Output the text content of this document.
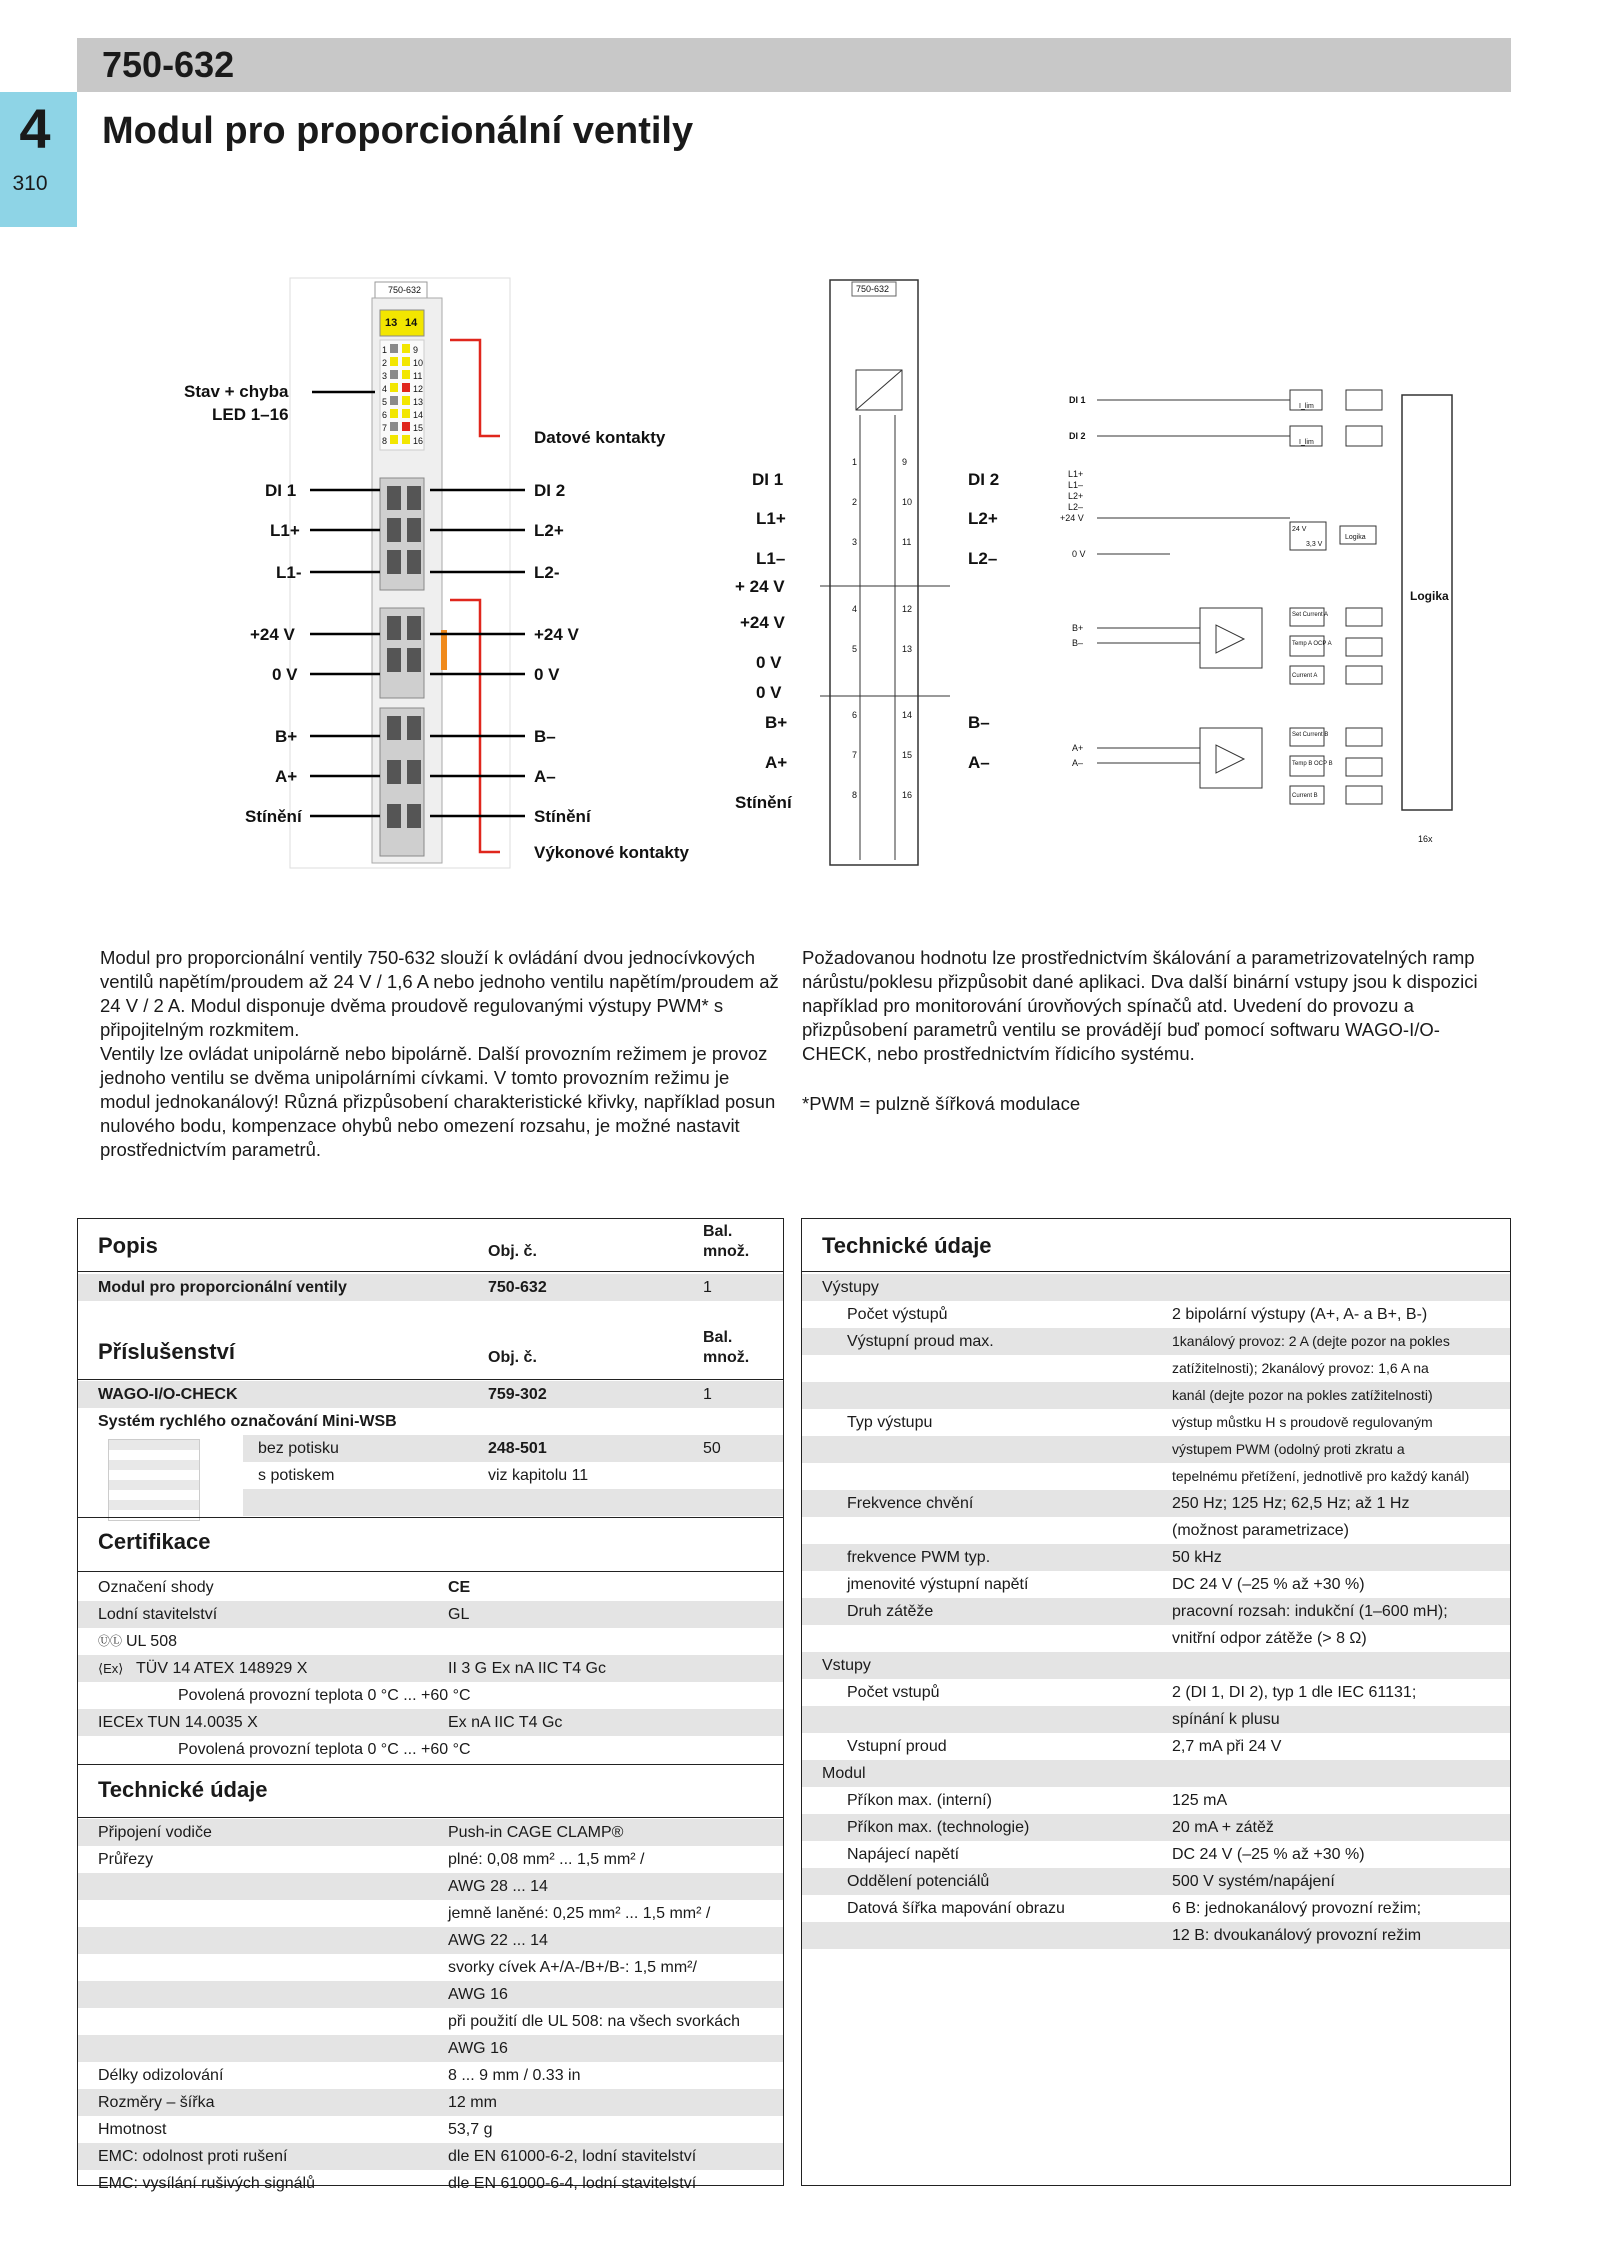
750-632
4
310
Modul pro proporcionální ventily
750-632
13 14
1	9
2	10
3	11
4	12
5	13
6	14
7	15
8	16
Stav + chyba
LED 1–16
DI 1
L1+
L1-
+24 V
0 V
B+
A+
Stínění
Datové kontakty
DI 2
L2+
L2-
+24 V
0 V
B–
A–
Stínění
Výkonové kontakty
750-632
DI 1
L1+
L1–
+ 24 V
+24 V
0 V
0 V
B+
A+
Stínění
DI 2
L2+
L2–
B–
A–
1	9
2	10
3	11
4	12
5	13
6	14
7	15
8	16
Logika
DI 1
DI 2
I_lim
I_lim
L1+
L1–
L2+
L2–
+24 V
0 V
24 V
3,3 V
Logika
B+
B–
A+
A–
Set Current A
Temp A OCP A
Current A
Set Current B
Temp B OCP B
Current B
16x

Modul pro proporcionální ventily 750-632 slouží k ovládání dvou jednocívkových ventilů napětím/proudem až 24 V / 1,6 A nebo jednoho ventilu napětím/proudem až 24 V / 2 A. Modul disponuje dvěma proudově regulovanými výstupy PWM* s připojitelným rozkmitem.

Ventily lze ovládat unipolárně nebo bipolárně. Další provozním režimem je provoz jednoho ventilu se dvěma unipolárními cívkami. V tomto provozním režimu je modul jednokanálový! Různá přizpůsobení charakteristické křivky, například posun nulového bodu, kompenzace ohybů nebo omezení rozsahu, je možné nastavit prostřednictvím parametrů.

Požadovanou hodnotu lze prostřednictvím škálování a parametrizovatelných ramp nárůstu/poklesu přizpůsobit dané aplikaci. Dva další binární vstupy jsou k dispozici například pro monitorování úrovňových spínačů atd. Uvedení do provozu a přizpůsobení parametrů ventilu se provádějí buď pomocí softwaru WAGO-I/O-CHECK, nebo prostřednictvím řídicího systému.

*PWM = pulzně šířková modulace

Popis	Obj. č.
Bal.
množ.
Modul pro proporcionální ventily	750-632	1
Příslušenství	Obj. č.
Bal.
množ.
WAGO-I/O-CHECK	759-302	1
Systém rychlého označování Mini-WSB
bez potisku	248-501	50
s potiskem	viz kapitolu 11
Certifikace
Označení shody	CE
Lodní stavitelství	GL
ⓊⓁ UL 508
⟨Ex⟩ TÜV 14 ATEX 148929 X	II 3 G Ex nA IIC T4 Gc
Povolená provozní teplota 0 °C ... +60 °C
IECEx TUN 14.0035 X	Ex nA IIC T4 Gc
Povolená provozní teplota 0 °C ... +60 °C
Technické údaje
Připojení vodiče	Push-in CAGE CLAMP®
Průřezy	plné: 0,08 mm² ... 1,5 mm² /
AWG 28 ... 14
jemně laněné: 0,25 mm² ... 1,5 mm² /
AWG 22 ... 14
svorky cívek A+/A-/B+/B-: 1,5 mm²/
AWG 16
při použití dle UL 508: na všech svorkách
AWG 16
Délky odizolování	8 ... 9 mm / 0.33 in
Rozměry – šířka	12 mm
Hmotnost	53,7 g
EMC: odolnost proti rušení	dle EN 61000-6-2, lodní stavitelství
EMC: vysílání rušivých signálů	dle EN 61000-6-4, lodní stavitelství
Technické údaje
Výstupy
Počet výstupů	2 bipolární výstupy (A+, A- a B+, B-)
Výstupní proud max.	1kanálový provoz: 2 A (dejte pozor na pokles
zatížitelnosti); 2kanálový provoz: 1,6 A na
kanál (dejte pozor na pokles zatížitelnosti)
Typ výstupu	výstup můstku H s proudově regulovaným
výstupem PWM (odolný proti zkratu a
tepelnému přetížení, jednotlivě pro každý kanál)
Frekvence chvění	250 Hz; 125 Hz; 62,5 Hz; až 1 Hz
(možnost parametrizace)
frekvence PWM typ.	50 kHz
jmenovité výstupní napětí	DC 24 V (–25 % až +30 %)
Druh zátěže	pracovní rozsah: indukční (1–600 mH);
vnitřní odpor zátěže (> 8 Ω)
Vstupy
Počet vstupů	2 (DI 1, DI 2), typ 1 dle IEC 61131;
spínání k plusu
Vstupní proud	2,7 mA při 24 V
Modul
Příkon max. (interní)	125 mA
Příkon max. (technologie)	20 mA + zátěž
Napájecí napětí	DC 24 V (–25 % až +30 %)
Oddělení potenciálů	500 V systém/napájení
Datová šířka mapování obrazu	6 B: jednokanálový provozní režim;
12 B: dvoukanálový provozní režim
